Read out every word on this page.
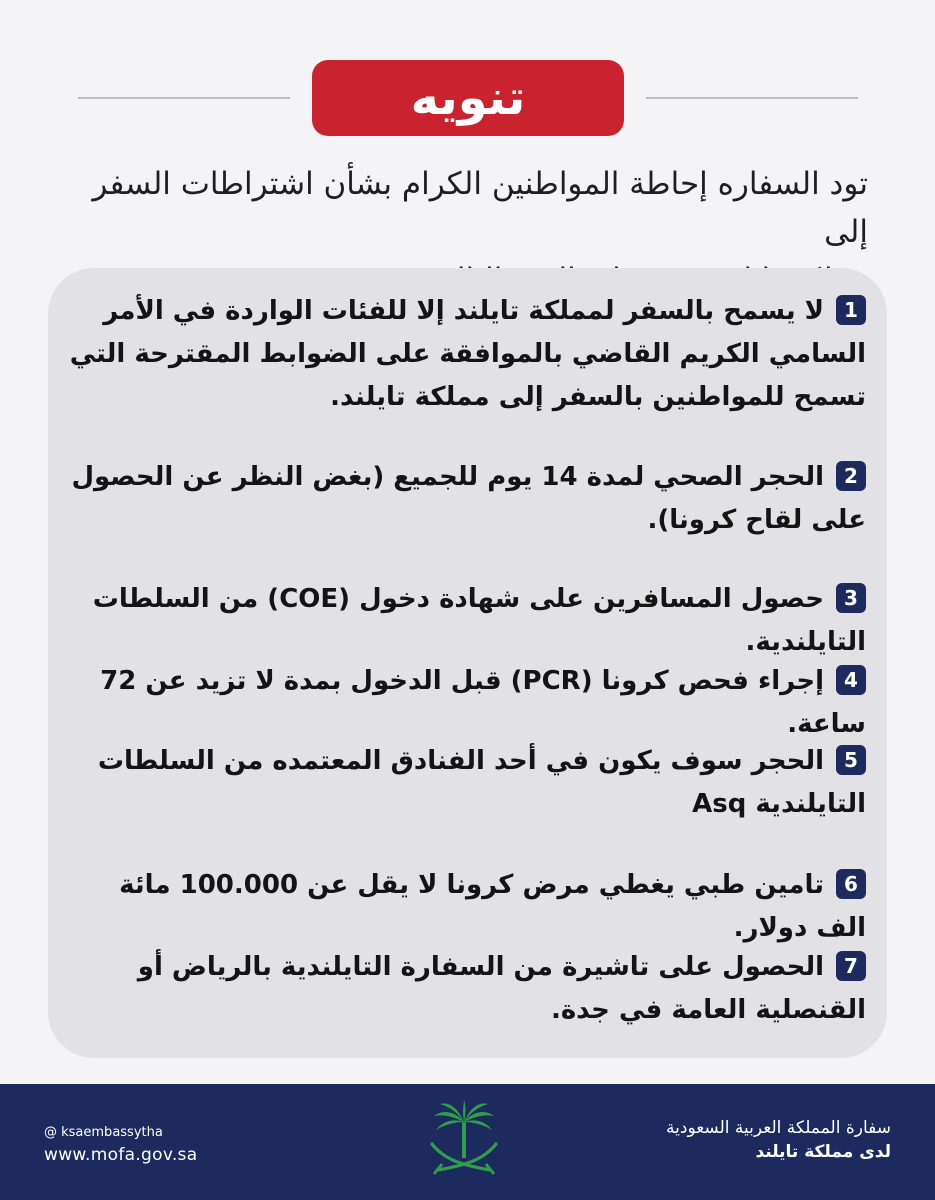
تنويه
تود السفاره إحاطة المواطنين الكرام بشأن اشتراطات السفر إلى
1لا يسمح بالسفر لمملكة تايلند إلا للفئات الواردة في الأمر السامي الكريم القاضي بالموافقة على الضوابط المقترحة التي تسمح للمواطنين بالسفر إلى مملكة تايلند.
2الحجر الصحي لمدة 14 يوم للجميع (بغض النظر عن الحصول على لقاح كرونا).
3حصول المسافرين على شهادة دخول (COE) من السلطات التايلندية.
4إجراء فحص كرونا (PCR) قبل الدخول بمدة لا تزيد عن 72 ساعة.
5الحجر سوف يكون في أحد الفنادق المعتمده من السلطات التايلندية Asq
6تامين طبي يغطي مرض كرونا لا يقل عن 100.000 مائة الف دولار.
7الحصول على تاشيرة من السفارة التايلندية بالرياض أو القنصلية العامة في جدة.
سفارة المملكة العربية السعودية
لدى مملكة تايلند
@ ksaembassytha
www.mofa.gov.sa
